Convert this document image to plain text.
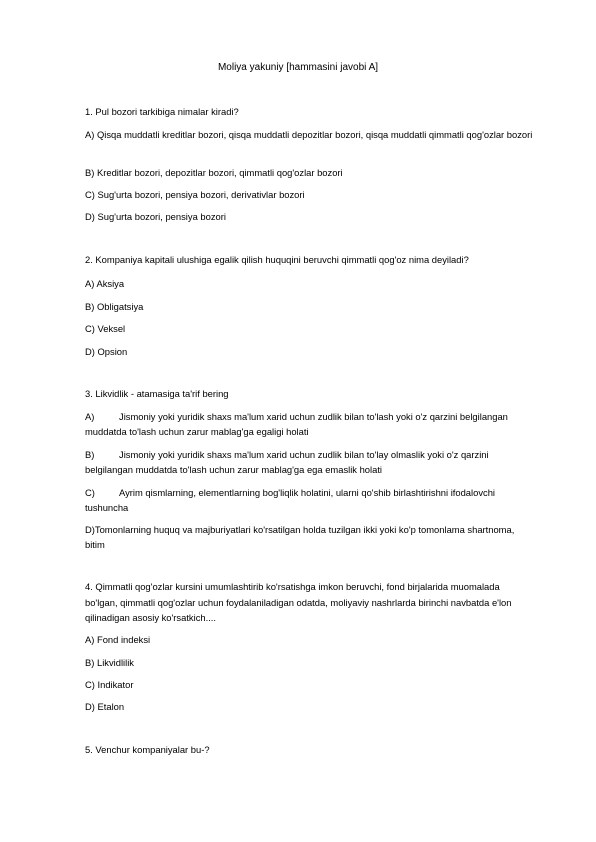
Moliya yakuniy [hammasini javobi A]
1. Pul bozori tarkibiga nimalar kiradi?
A) Qisqa muddatli kreditlar bozori, qisqa muddatli depozitlar bozori, qisqa muddatli qimmatli qog'ozlar bozori
B) Kreditlar bozori, depozitlar bozori, qimmatli qog'ozlar bozori
C) Sug'urta bozori, pensiya bozori, derivativlar bozori
D) Sug'urta bozori, pensiya bozori
2. Kompaniya kapitali ulushiga egalik qilish huquqini beruvchi qimmatli qog'oz nima deyiladi?
A) Aksiya
B) Obligatsiya
C) Veksel
D) Opsion
3. Likvidlik - atamasiga ta'rif bering
A)	Jismoniy yoki yuridik shaxs ma'lum xarid uchun zudlik bilan to'lash yoki o'z qarzini belgilangan muddatda to'lash uchun zarur mablag'ga egaligi holati
B)	Jismoniy yoki yuridik shaxs ma'lum xarid uchun zudlik bilan to'lay olmaslik yoki o'z qarzini belgilangan muddatda to'lash uchun zarur mablag'ga ega emaslik holati
C)	Ayrim qismlarning, elementlarning bog'liqlik holatini, ularni qo'shib birlashtirishni ifodalovchi tushuncha
D)Tomonlarning huquq va majburiyatlari ko'rsatilgan holda tuzilgan ikki yoki ko'p tomonlama shartnoma, bitim
4. Qimmatli qog'ozlar kursini umumlashtirib ko'rsatishga imkon beruvchi, fond birjalarida muomalada bo'lgan, qimmatli qog'ozlar uchun foydalaniladigan odatda, moliyaviy nashrlarda birinchi navbatda e'lon qilinadigan asosiy ko'rsatkich....
A) Fond indeksi
B) Likvidlilik
C) Indikator
D) Etalon
5. Venchur kompaniyalar bu-?
